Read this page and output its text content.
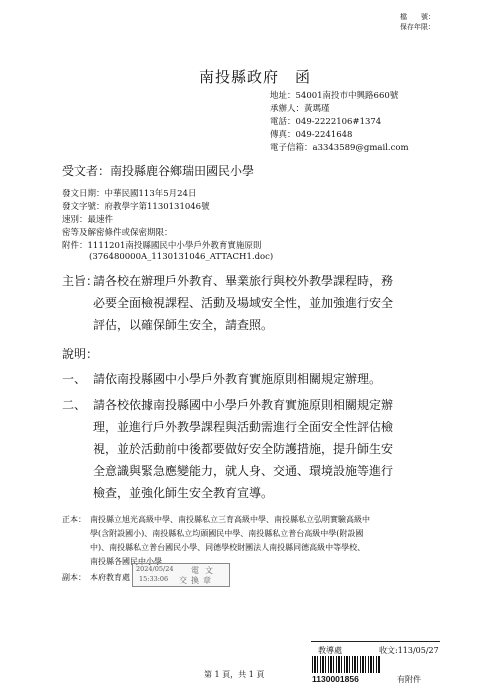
檔　　號：
保存年限：
南投縣政府　函
地址：54001南投市中興路660號
承辦人：黃瑪瑾
電話：049-2222106#1374
傳真：049-2241648
電子信箱：a3343589@gmail.com
受文者：南投縣鹿谷鄉瑞田國民小學
發文日期：中華民國113年5月24日
發文字號：府教學字第1130131046號
速別：最速件
密等及解密條件或保密期限：
附件：1111201南投縣國民中小學戶外教育實施原則
(376480000A_1130131046_ATTACH1.doc)
主旨：
請各校在辦理戶外教育、畢業旅行與校外教學課程時，務
必要全面檢視課程、活動及場域安全性，並加強進行安全
評估，以確保師生安全，請查照。
說明：
一、 請依南投縣國中小學戶外教育實施原則相關規定辦理。
二、 請各校依據南投縣國中小學戶外教育實施原則相關規定辦
理，並進行戶外教學課程與活動需進行全面安全性評估檢
視，並於活動前中後都要做好安全防護措施，提升師生安
全意識與緊急應變能力，就人身、交通、環境設施等進行
檢查，並強化師生安全教育宣導。
正本： 南投縣立旭光高級中學、南投縣私立三育高級中學、南投縣私立弘明實驗高級中
學(含附設國小)、南投縣私立均頭國民中學、南投縣私立普台高級中學(附設國
中)、南投縣私立普台國民小學、同德學校財團法人南投縣同德高級中等學校、
南投縣各國民中小學
副本： 本府教育處
2024/05/24
15:33:06
電文
交換章
第 1 頁，共 1 頁
教導處	收文:113/05/27
1130001856	有附件
